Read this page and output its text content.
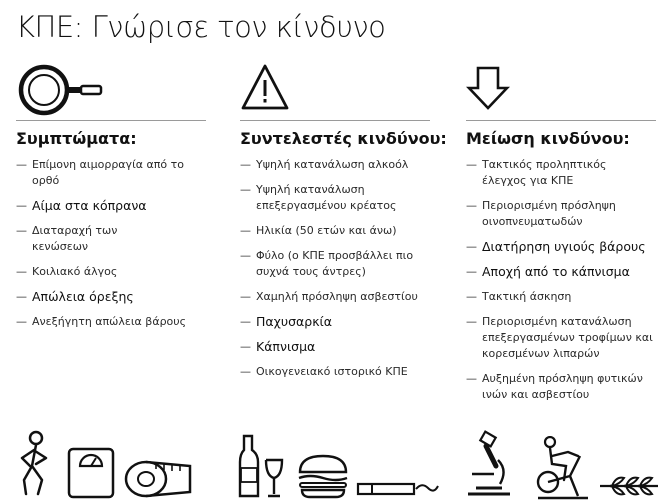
ΚΠΕ: Γνώρισε τον κίνδυνο
Συμπτώματα:
— Επίμονη αιμορραγία από το ορθό
— Αίμα στα κόπρανα
— Διαταραχή των κενώσεων
— Κοιλιακό άλγος
— Απώλεια όρεξης
— Ανεξήγητη απώλεια βάρους
Συντελεστές κινδύνου:
— Υψηλή κατανάλωση αλκοόλ
— Υψηλή κατανάλωση επεξεργασμένου κρέατος
— Ηλικία (50 ετών και άνω)
— Φύλο (ο ΚΠΕ προσβάλλει πιο συχνά τους άντρες)
— Χαμηλή πρόσληψη ασβεστίου
— Παχυσαρκία
— Κάπνισμα
— Οικογενειακό ιστορικό ΚΠΕ
Μείωση κινδύνου:
— Τακτικός προληπτικός έλεγχος για ΚΠΕ
— Περιορισμένη πρόσληψη οινοπνευματωδών
— Διατήρηση υγιούς βάρους
— Αποχή από το κάπνισμα
— Τακτική άσκηση
— Περιορισμένη κατανάλωση επεξεργασμένων τροφίμων και κορεσμένων λιπαρών
— Αυξημένη πρόσληψη φυτικών ινών και ασβεστίου
